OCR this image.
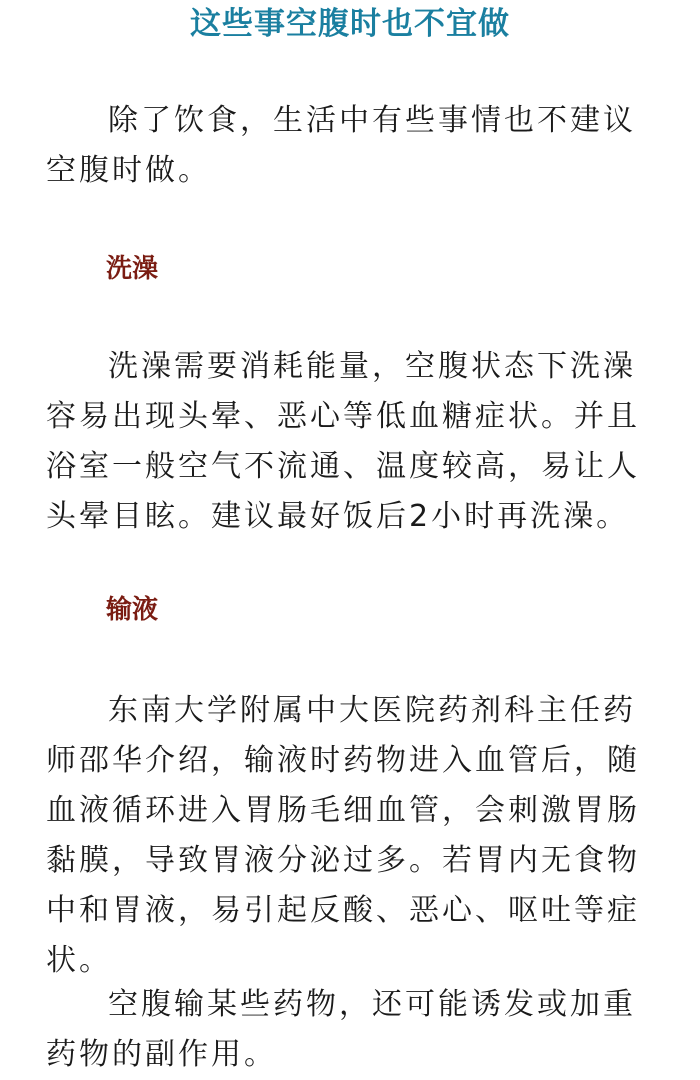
这些事空腹时也不宜做

除了饮食，生活中有些事情也不建议空腹时做。

洗澡

洗澡需要消耗能量，空腹状态下洗澡容易出现头晕、恶心等低血糖症状。并且浴室一般空气不流通、温度较高，易让人头晕目眩。建议最好饭后2小时再洗澡。

输液

东南大学附属中大医院药剂科主任药师邵华介绍，输液时药物进入血管后，随血液循环进入胃肠毛细血管，会刺激胃肠黏膜，导致胃液分泌过多。若胃内无食物中和胃液，易引起反酸、恶心、呕吐等症状。

空腹输某些药物，还可能诱发或加重药物的副作用。
